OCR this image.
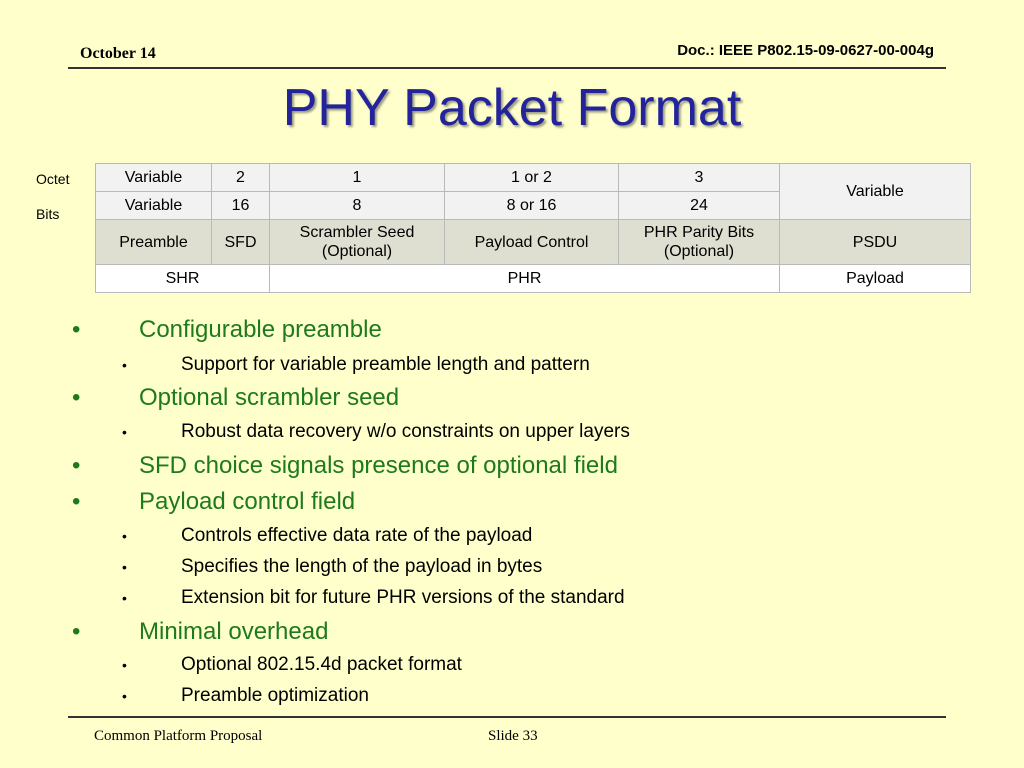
October 14	Doc.: IEEE P802.15-09-0627-00-004g
PHY Packet Format
Octet
Bits
Variable	2	1	1 or 2	3	Variable
Variable	16	8	8 or 16	24	
Preamble	SFD	Scrambler Seed (Optional)	Payload Control	PHR Parity Bits (Optional)	PSDU
SHR		PHR			Payload
• Configurable preamble
•	Support for variable preamble length and pattern
• Optional scrambler seed
•	Robust data recovery w/o constraints on upper layers
• SFD choice signals presence of optional field
• Payload control field
•	Controls effective data rate of the payload
•	Specifies the length of the payload in bytes
•	Extension bit for future PHR versions of the standard
• Minimal overhead
•	Optional 802.15.4d packet format
•	Preamble optimization
Common Platform Proposal	Slide 33
